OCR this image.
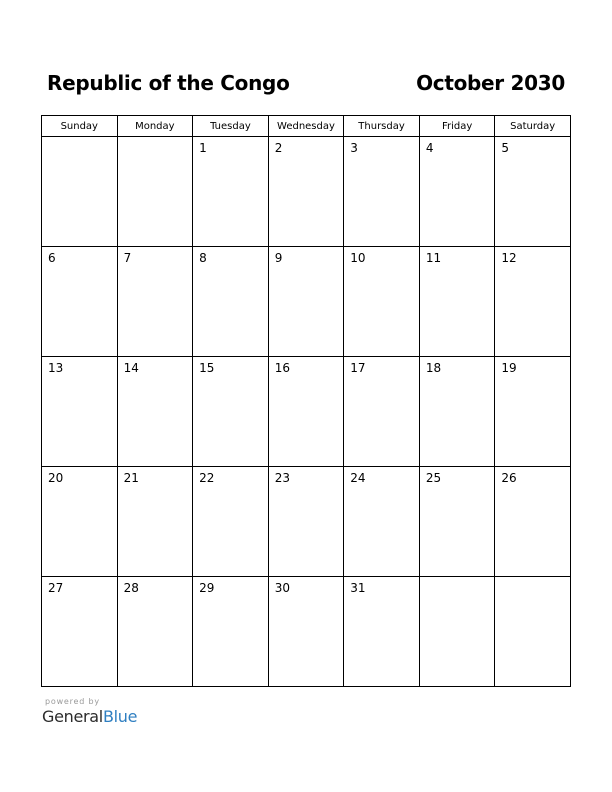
Republic of the Congo	October 2030
Sunday	Monday	Tuesday	Wednesday	Thursday	Friday	Saturday

		1	2	3	4	5

6	7	8	9	10	11	12

13	14	15	16	17	18	19

20	21	22	23	24	25	26

27	28	29	30	31		

powered by
GeneralBlue
